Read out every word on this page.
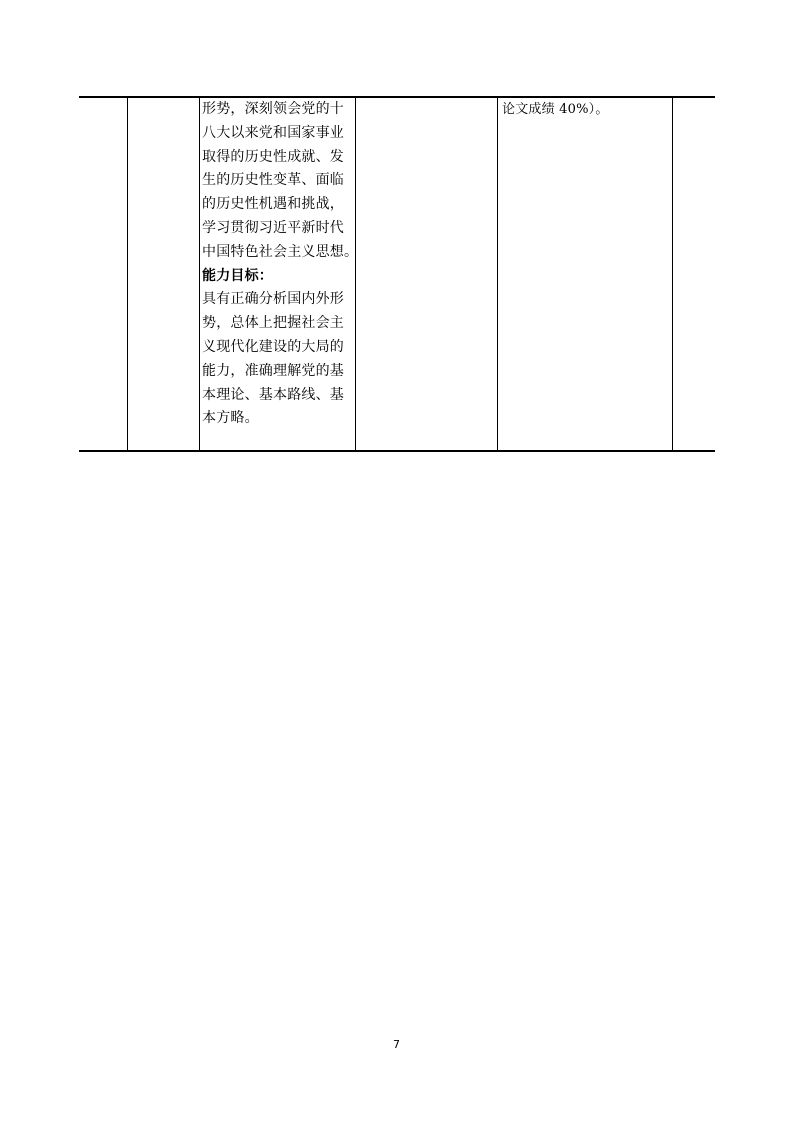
形势，深刻领会党的十
八大以来党和国家事业
取得的历史性成就、发
生的历史性变革、面临
的历史性机遇和挑战，
学习贯彻习近平新时代
中国特色社会主义思想。
能力目标：
具有正确分析国内外形
势，总体上把握社会主
义现代化建设的大局的
能力，准确理解党的基
本理论、基本路线、基
本方略。
论文成绩 40%）。
7
